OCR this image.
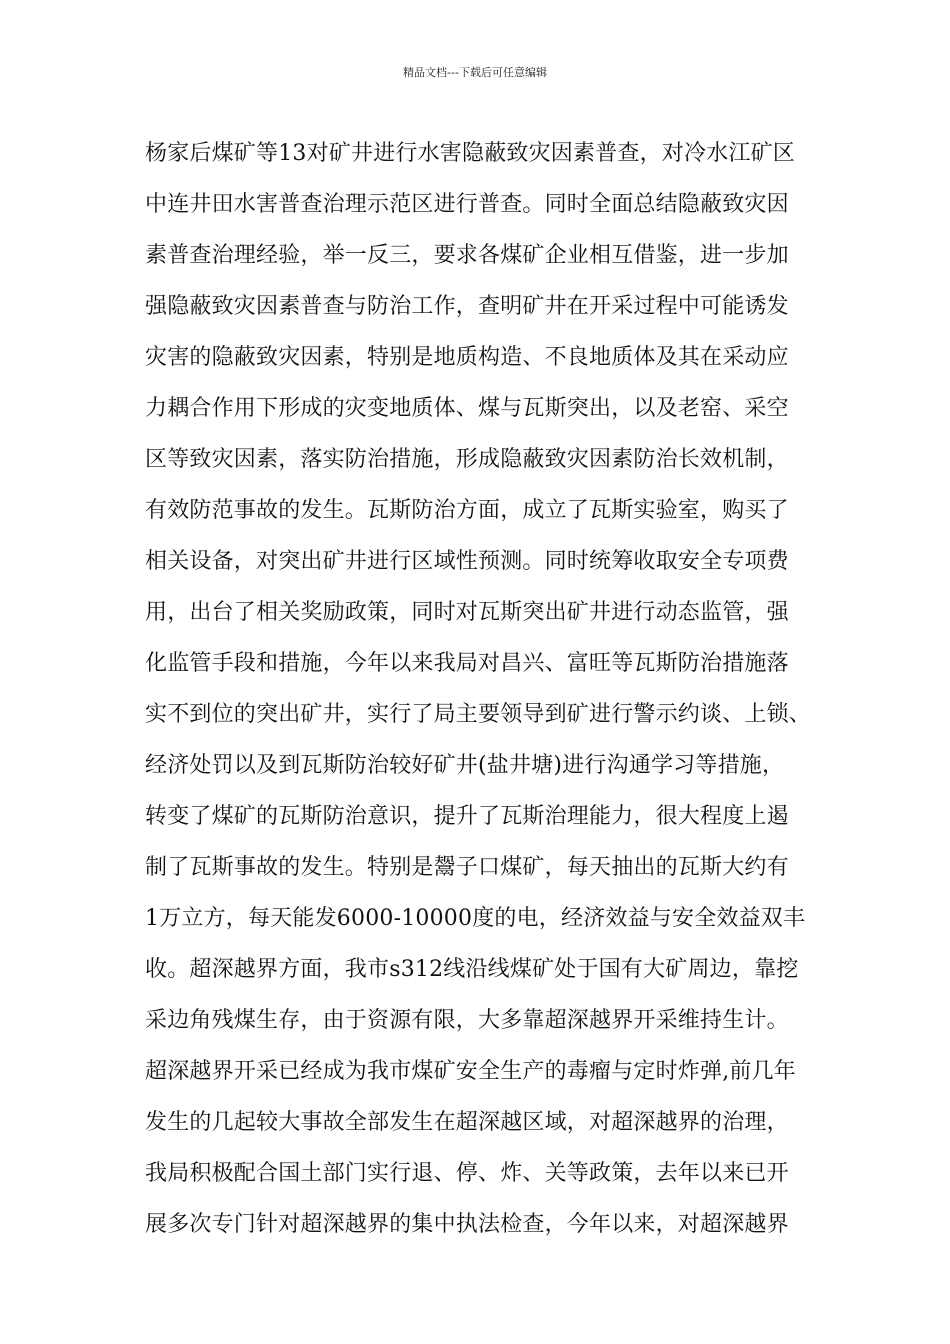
精品文档---下载后可任意编辑
杨家后煤矿等13对矿井进行水害隐蔽致灾因素普查，对冷水江矿区
中连井田水害普查治理示范区进行普查。同时全面总结隐蔽致灾因
素普查治理经验，举一反三，要求各煤矿企业相互借鉴，进一步加
强隐蔽致灾因素普查与防治工作，查明矿井在开采过程中可能诱发
灾害的隐蔽致灾因素，特别是地质构造、不良地质体及其在采动应
力耦合作用下形成的灾变地质体、煤与瓦斯突出，以及老窑、采空
区等致灾因素，落实防治措施，形成隐蔽致灾因素防治长效机制，
有效防范事故的发生。瓦斯防治方面，成立了瓦斯实验室，购买了
相关设备，对突出矿井进行区域性预测。同时统筹收取安全专项费
用，出台了相关奖励政策，同时对瓦斯突出矿井进行动态监管，强
化监管手段和措施，今年以来我局对昌兴、富旺等瓦斯防治措施落
实不到位的突出矿井，实行了局主要领导到矿进行警示约谈、上锁、
经济处罚以及到瓦斯防治较好矿井(盐井塘)进行沟通学习等措施，
转变了煤矿的瓦斯防治意识，提升了瓦斯治理能力，很大程度上遏
制了瓦斯事故的发生。特别是鬶子口煤矿，每天抽出的瓦斯大约有
1万立方，每天能发6000-10000度的电，经济效益与安全效益双丰
收。超深越界方面，我市s312线沿线煤矿处于国有大矿周边，靠挖
采边角残煤生存，由于资源有限，大多靠超深越界开采维持生计。
超深越界开采已经成为我市煤矿安全生产的毒瘤与定时炸弹,前几年
发生的几起较大事故全部发生在超深越区域，对超深越界的治理，
我局积极配合国土部门实行退、停、炸、关等政策，去年以来已开
展多次专门针对超深越界的集中执法检查，今年以来，对超深越界
